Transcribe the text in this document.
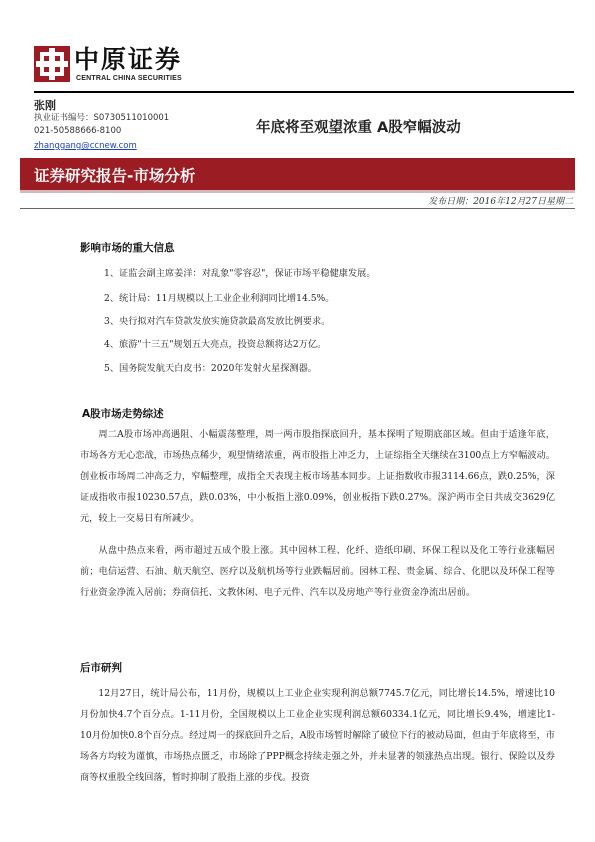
中原证券
CENTRAL CHINA SECURITIES
张刚
执业证书编号：S0730511010001
021-50588666-8100
zhanggang@ccnew.com
年底将至观望浓重 A股窄幅波动
证券研究报告-市场分析
发布日期：2016年12月27日星期二
影响市场的重大信息
1、证监会副主席姜洋：对乱象"零容忍"，保证市场平稳健康发展。
2、统计局：11月规模以上工业企业利润同比增14.5%。
3、央行拟对汽车贷款发放实施贷款最高发放比例要求。
4、旅游"十三五"规划五大亮点，投资总额将达2万亿。
5、国务院发航天白皮书：2020年发射火星探测器。
A股市场走势综述

周二A股市场冲高遇阻、小幅震荡整理，周一两市股指探底回升，基本探明了短期底部区域。但由于适逢年底，市场各方无心恋战，市场热点稀少，观望情绪浓重，两市股指上冲乏力，上证综指全天继续在3100点上方窄幅波动。创业板市场周二冲高乏力，窄幅整理，成指全天表现主板市场基本同步。上证指数收市报3114.66点，跌0.25%，深证成指收市报10230.57点，跌0.03%，中小板指上涨0.09%，创业板指下跌0.27%。深沪两市全日共成交3629亿元，较上一交易日有所减少。

从盘中热点来看，两市超过五成个股上涨。其中园林工程、化纤、造纸印刷、环保工程以及化工等行业涨幅居前；电信运营、石油、航天航空、医疗以及航机场等行业跌幅居前。园林工程、贵金属、综合、化肥以及环保工程等行业资金净流入居前；券商信托、文教休闲、电子元件、汽车以及房地产等行业资金净流出居前。

后市研判

12月27日，统计局公布，11月份，规模以上工业企业实现利润总额7745.7亿元，同比增长14.5%，增速比10月份加快4.7个百分点。1-11月份，全国规模以上工业企业实现利润总额60334.1亿元，同比增长9.4%，增速比1-10月份加快0.8个百分点。经过周一的探底回升之后，A股市场暂时解除了破位下行的被动局面，但由于年底将至，市场各方均较为谨慎，市场热点匮乏，市场除了PPP概念持续走强之外，并未显著的领涨热点出现。银行、保险以及券商等权重股全线回落，暂时抑制了股指上涨的步伐。投资
